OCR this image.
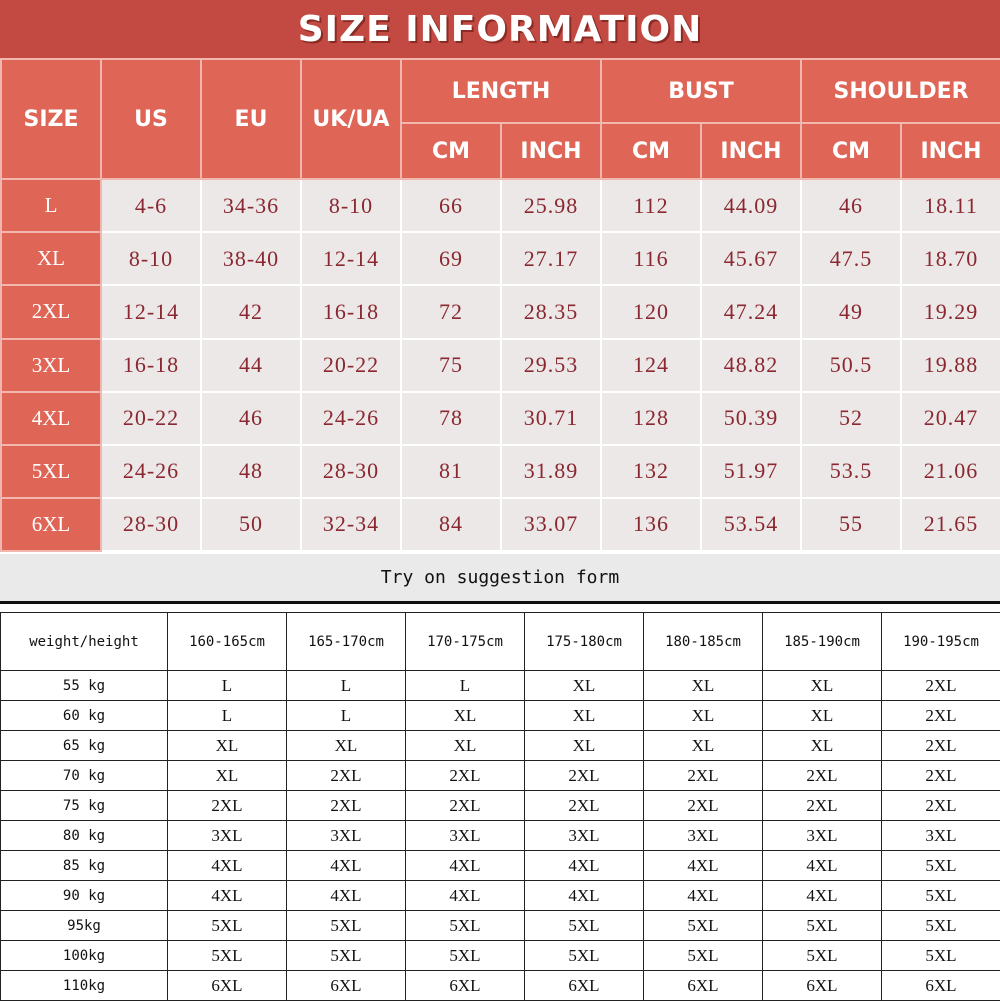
SIZE INFORMATION
SIZE	US	EU	UK/UA	LENGTH		BUST		SHOULDER	
				CM	INCH	CM	INCH	CM	INCH
L	4-6	34-36	8-10	66	25.98	112	44.09	46	18.11
XL	8-10	38-40	12-14	69	27.17	116	45.67	47.5	18.70
2XL	12-14	42	16-18	72	28.35	120	47.24	49	19.29
3XL	16-18	44	20-22	75	29.53	124	48.82	50.5	19.88
4XL	20-22	46	24-26	78	30.71	128	50.39	52	20.47
5XL	24-26	48	28-30	81	31.89	132	51.97	53.5	21.06
6XL	28-30	50	32-34	84	33.07	136	53.54	55	21.65
Try on suggestion form
weight/height	160-165cm	165-170cm	170-175cm	175-180cm	180-185cm	185-190cm	190-195cm
55 kg	L	L	L	XL	XL	XL	2XL
60 kg	L	L	XL	XL	XL	XL	2XL
65 kg	XL	XL	XL	XL	XL	XL	2XL
70 kg	XL	2XL	2XL	2XL	2XL	2XL	2XL
75 kg	2XL	2XL	2XL	2XL	2XL	2XL	2XL
80 kg	3XL	3XL	3XL	3XL	3XL	3XL	3XL
85 kg	4XL	4XL	4XL	4XL	4XL	4XL	5XL
90 kg	4XL	4XL	4XL	4XL	4XL	4XL	5XL
95kg	5XL	5XL	5XL	5XL	5XL	5XL	5XL
100kg	5XL	5XL	5XL	5XL	5XL	5XL	5XL
110kg	6XL	6XL	6XL	6XL	6XL	6XL	6XL
